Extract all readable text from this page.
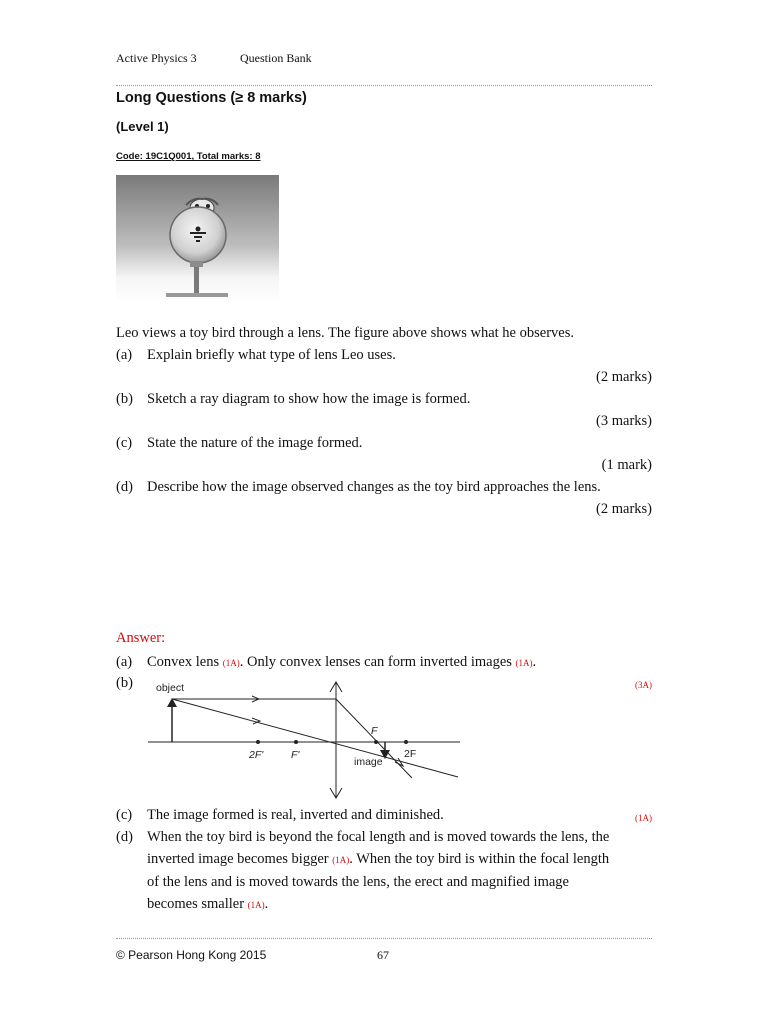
Active Physics 3	Question Bank
Long Questions (≥ 8 marks)
(Level 1)
Code: 19C1Q001, Total marks: 8
Leo views a toy bird through a lens. The figure above shows what he observes.
(a) Explain briefly what type of lens Leo uses.
(2 marks)
(b) Sketch a ray diagram to show how the image is formed.
(3 marks)
(c) State the nature of the image formed.
(1 mark)
(d) Describe how the image observed changes as the toy bird approaches the lens.
(2 marks)
Answer:
(a) Convex lens (1A). Only convex lenses can form inverted images (1A).
(b)	(3A)
object
2F'	F'
F
2F
image
(c) The image formed is real, inverted and diminished.	(1A)
(d) When the toy bird is beyond the focal length and is moved towards the lens, the
inverted image becomes bigger (1A). When the toy bird is within the focal length
of the lens and is moved towards the lens, the erect and magnified image
becomes smaller (1A).
© Pearson Hong Kong 2015	67
